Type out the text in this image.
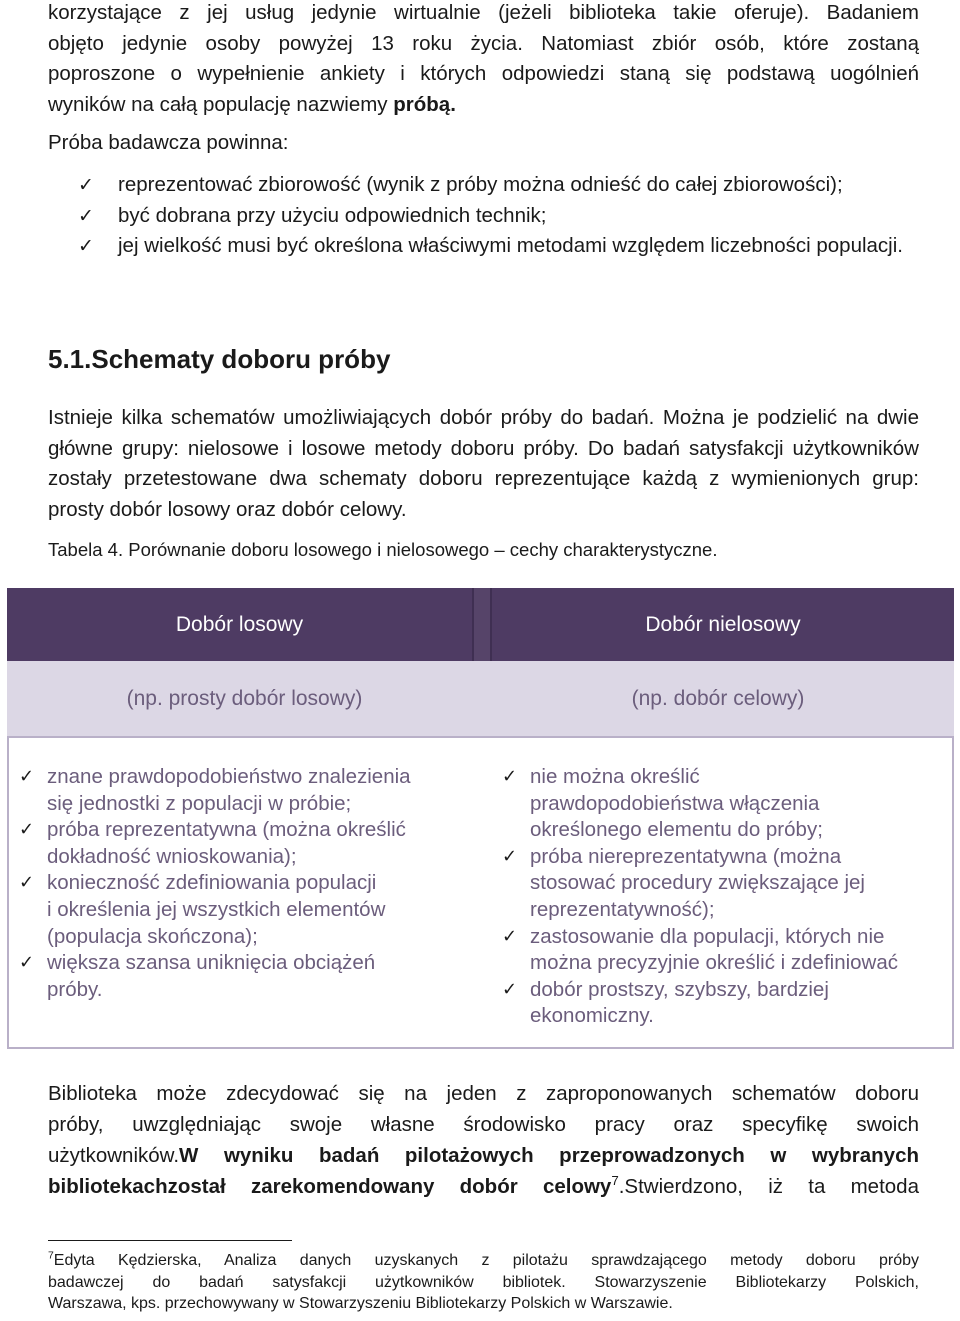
korzystające z jej usług jedynie wirtualnie (jeżeli biblioteka takie oferuje). Badaniem

objęto jedynie osoby powyżej 13 roku życia. Natomiast zbiór osób, które zostaną

poproszone o wypełnienie ankiety i których odpowiedzi staną się podstawą uogólnień

wyników na całą populację nazwiemy próbą.

Próba badawcza powinna:
✓ reprezentować zbiorowość (wynik z próby można odnieść do całej zbiorowości);
✓ być dobrana przy użyciu odpowiednich technik;
✓ jej wielkość musi być określona właściwymi metodami względem liczebności populacji.
5.1.Schematy doboru próby

Istnieje kilka schematów umożliwiających dobór próby do badań. Można je podzielić na dwie główne grupy: nielosowe i losowe metody doboru próby. Do badań satysfakcji użytkowników zostały przetestowane dwa schematy doboru reprezentujące każdą z wymienionych grup: prosty dobór losowy oraz dobór celowy.

Tabela 4. Porównanie doboru losowego i nielosowego – cechy charakterystyczne.
Dobór losowy	Dobór nielosowy
(np. prosty dobór losowy)	(np. dobór celowy)
✓ znane prawdopodobieństwo znalezienia
się jednostki z populacji w próbie;
✓ próba reprezentatywna (można określić
dokładność wnioskowania);
✓ konieczność zdefiniowania populacji
i określenia jej wszystkich elementów
(populacja skończona);
✓ większa szansa uniknięcia obciążeń
próby.
✓ nie można określić
prawdopodobieństwa włączenia
określonego elementu do próby;
✓ próba niereprezentatywna (można
stosować procedury zwiększające jej
reprezentatywność);
✓ zastosowanie dla populacji, których nie
można precyzyjnie określić i zdefiniować
✓ dobór prostszy, szybszy, bardziej
ekonomiczny.

Biblioteka może zdecydować się na jeden z zaproponowanych schematów doboru

próby, uwzględniając swoje własne środowisko pracy oraz specyfikę swoich

użytkowników.W wyniku badań pilotażowych przeprowadzonych w wybranych

bibliotekachzostał zarekomendowany dobór celowy$^7$.Stwierdzono, iż ta metoda

$^7$Edyta Kędzierska, Analiza danych uzyskanych z pilotażu sprawdzającego metody doboru próby

badawczej do badań satysfakcji użytkowników bibliotek. Stowarzyszenie Bibliotekarzy Polskich,

Warszawa, kps. przechowywany w Stowarzyszeniu Bibliotekarzy Polskich w Warszawie.
